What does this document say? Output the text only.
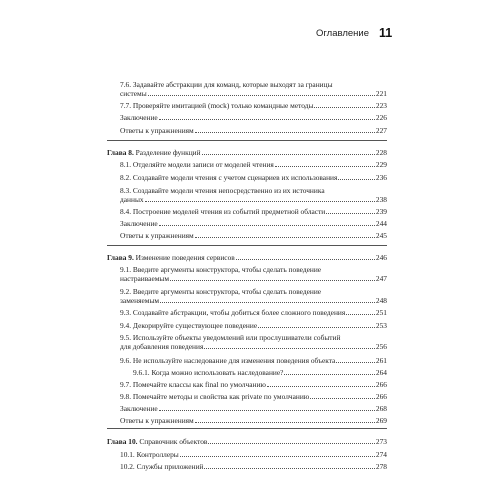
Оглавление 11
7.6. Задавайте абстракции для команд, которые выходят за границы
системы	221
7.7. Проверяйте имитацией (mock) только командные методы	223
Заключение	226
Ответы к упражнениям	227
Глава 8.
Разделение функций	228
8.1. Отделяйте модели записи от моделей чтения	229
8.2. Создавайте модели чтения с учетом сценариев их использования	236
8.3. Создавайте модели чтения непосредственно из их источника
данных	238
8.4. Построение моделей чтения из событий предметной области	239
Заключение	244
Ответы к упражнениям	245
Глава 9.
Изменение поведения сервисов	246
9.1. Введите аргументы конструктора, чтобы сделать поведение
настраиваемым	247
9.2. Введите аргументы конструктора, чтобы сделать поведение
заменяемым	248
9.3. Создавайте абстракции, чтобы добиться более сложного поведения	251
9.4. Декорируйте существующее поведение	253
9.5. Используйте объекты уведомлений или прослушиватели событий
для добавления поведения	256
9.6. Не используйте наследование для изменения поведения объекта	261
9.6.1. Когда можно использовать наследование?	264
9.7. Помечайте классы как final по умолчанию	266
9.8. Помечайте методы и свойства как private по умолчанию	266
Заключение	268
Ответы к упражнениям	269
Глава 10.
Справочник объектов	273
10.1. Контроллеры	274
10.2. Службы приложений	278
